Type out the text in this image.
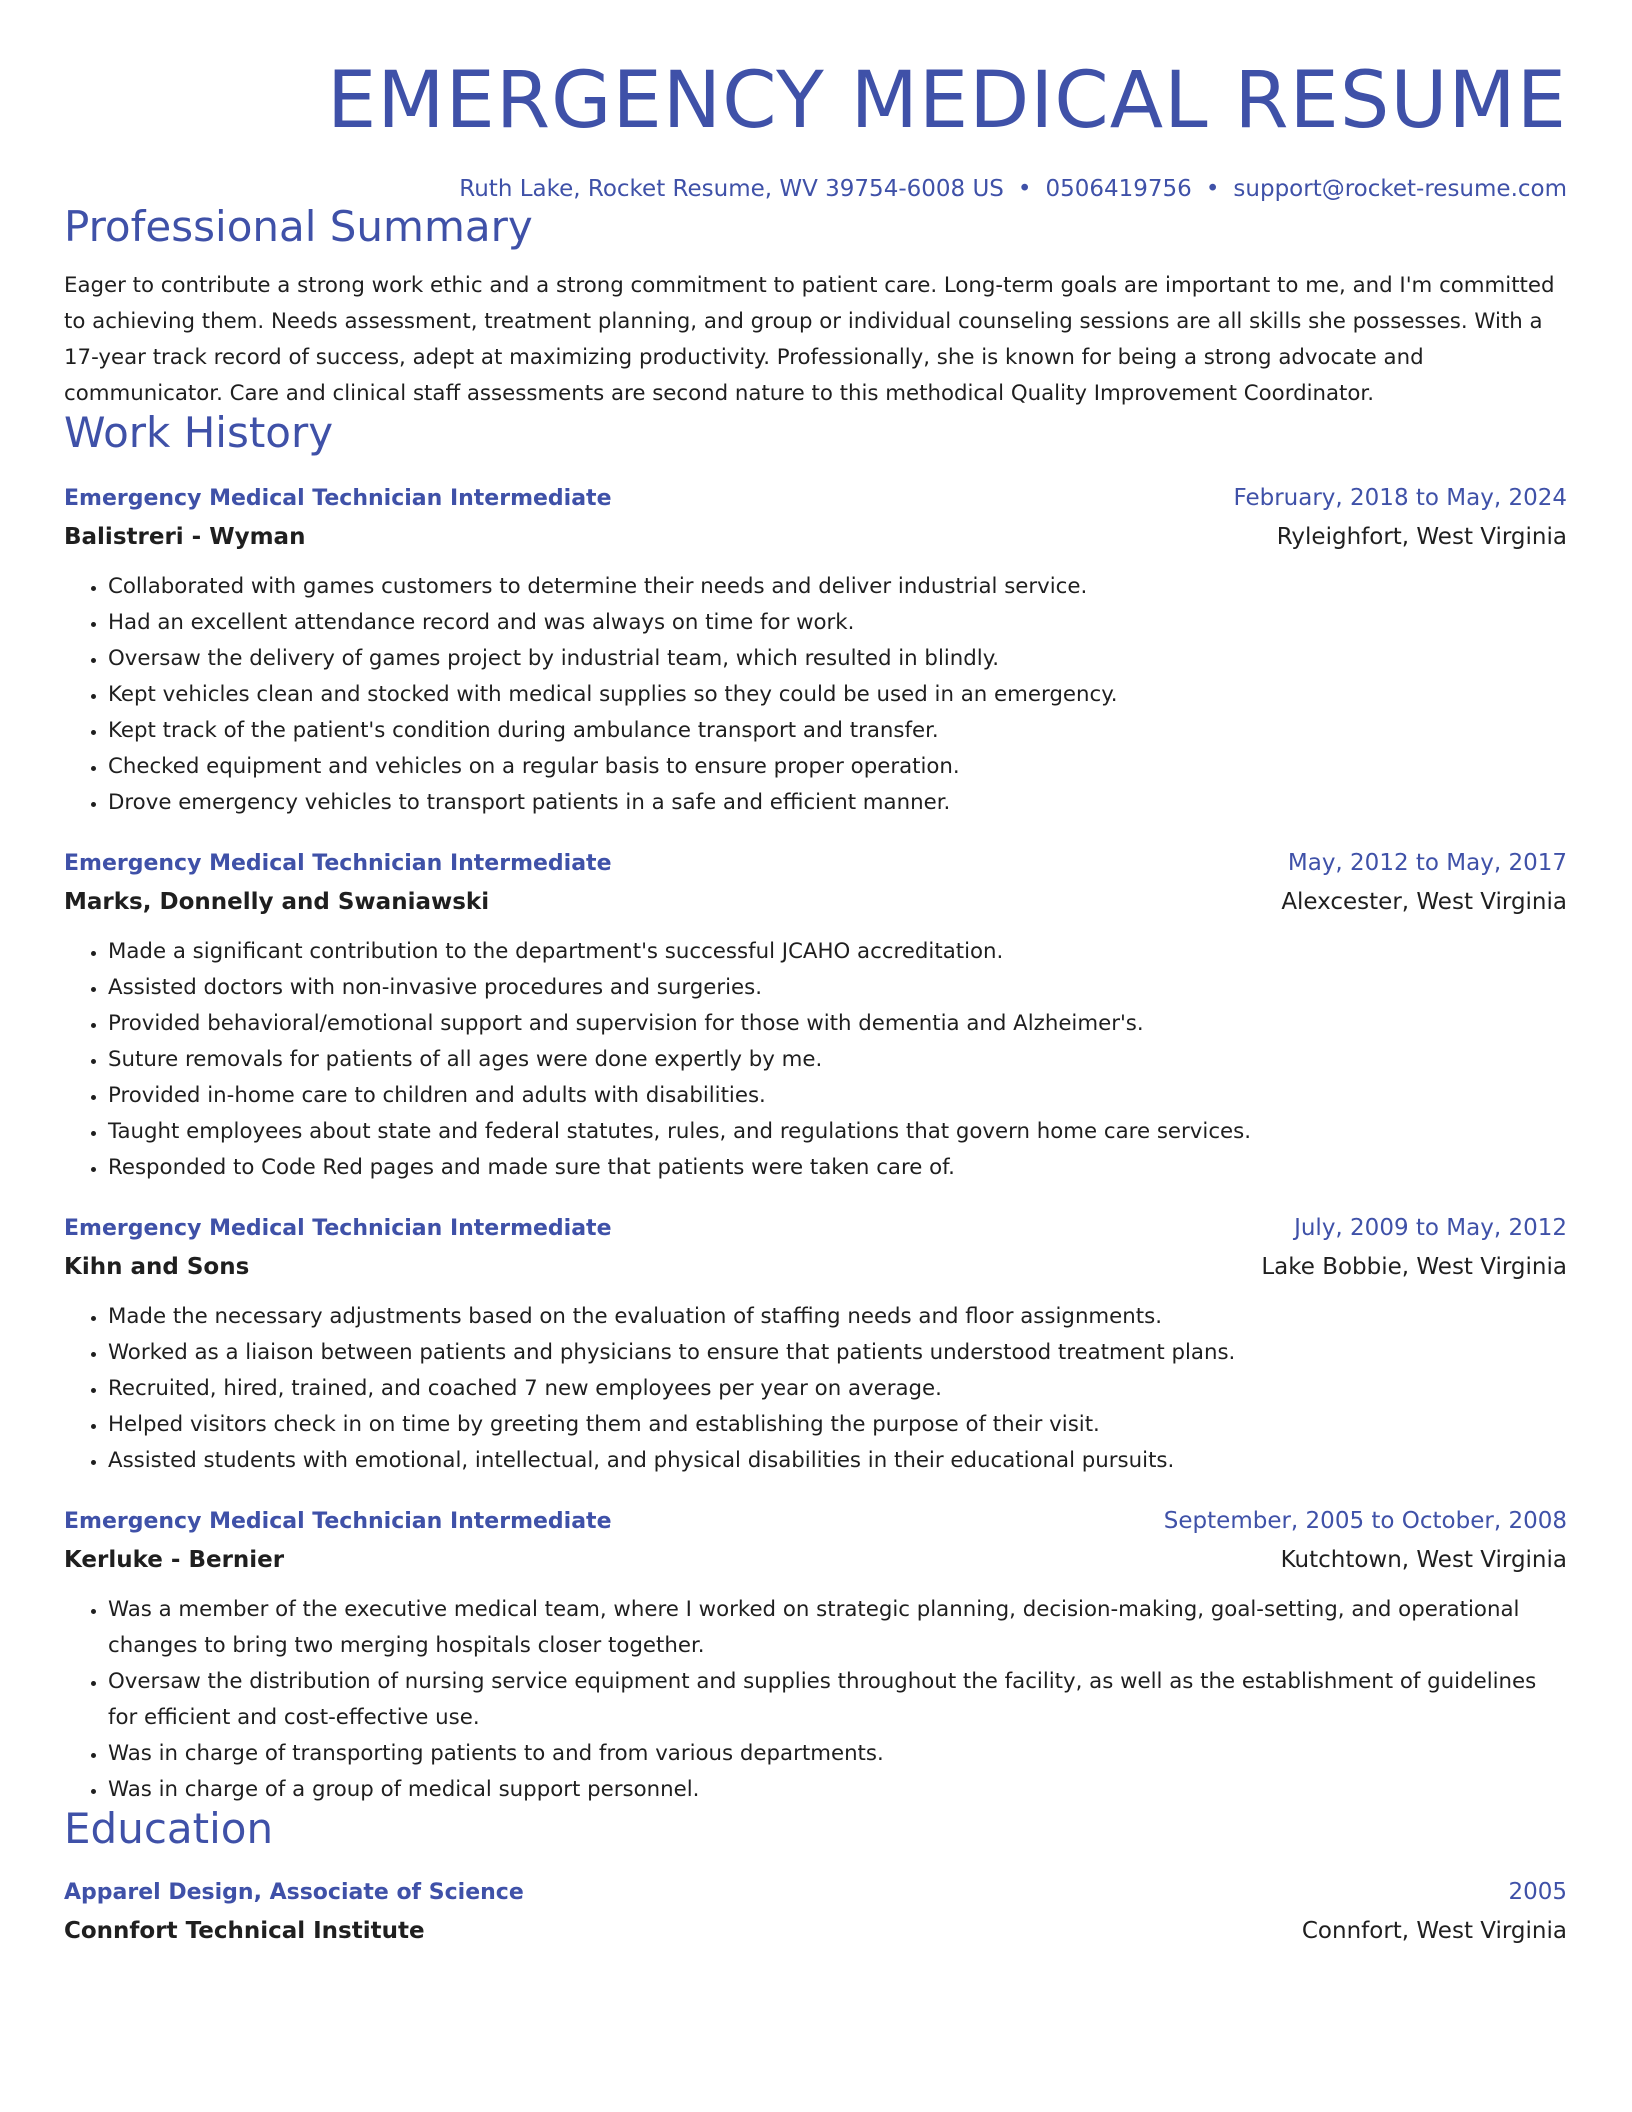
EMERGENCY MEDICAL RESUME
Ruth Lake, Rocket Resume, WV 39754-6008 US • 0506419756 • support@rocket-resume.com
Professional Summary
Eager to contribute a strong work ethic and a strong commitment to patient care. Long-term goals are important to me, and I'm committed to achieving them. Needs assessment, treatment planning, and group or individual counseling sessions are all skills she possesses. With a 17-year track record of success, adept at maximizing productivity. Professionally, she is known for being a strong advocate and communicator. Care and clinical staff assessments are second nature to this methodical Quality Improvement Coordinator.
Work History
Emergency Medical Technician Intermediate	February, 2018 to May, 2024
Balistreri - Wyman	Ryleighfort, West Virginia
• Collaborated with games customers to determine their needs and deliver industrial service.
• Had an excellent attendance record and was always on time for work.
• Oversaw the delivery of games project by industrial team, which resulted in blindly.
• Kept vehicles clean and stocked with medical supplies so they could be used in an emergency.
• Kept track of the patient's condition during ambulance transport and transfer.
• Checked equipment and vehicles on a regular basis to ensure proper operation.
• Drove emergency vehicles to transport patients in a safe and efficient manner.
Emergency Medical Technician Intermediate	May, 2012 to May, 2017
Marks, Donnelly and Swaniawski	Alexcester, West Virginia
• Made a significant contribution to the department's successful JCAHO accreditation.
• Assisted doctors with non-invasive procedures and surgeries.
• Provided behavioral/emotional support and supervision for those with dementia and Alzheimer's.
• Suture removals for patients of all ages were done expertly by me.
• Provided in-home care to children and adults with disabilities.
• Taught employees about state and federal statutes, rules, and regulations that govern home care services.
• Responded to Code Red pages and made sure that patients were taken care of.
Emergency Medical Technician Intermediate	July, 2009 to May, 2012
Kihn and Sons	Lake Bobbie, West Virginia
• Made the necessary adjustments based on the evaluation of staffing needs and floor assignments.
• Worked as a liaison between patients and physicians to ensure that patients understood treatment plans.
• Recruited, hired, trained, and coached 7 new employees per year on average.
• Helped visitors check in on time by greeting them and establishing the purpose of their visit.
• Assisted students with emotional, intellectual, and physical disabilities in their educational pursuits.
Emergency Medical Technician Intermediate	September, 2005 to October, 2008
Kerluke - Bernier	Kutchtown, West Virginia
• Was a member of the executive medical team, where I worked on strategic planning, decision-making, goal-setting, and operational changes to bring two merging hospitals closer together.
• Oversaw the distribution of nursing service equipment and supplies throughout the facility, as well as the establishment of guidelines for efficient and cost-effective use.
• Was in charge of transporting patients to and from various departments.
• Was in charge of a group of medical support personnel.
Education
Apparel Design, Associate of Science	2005
Connfort Technical Institute	Connfort, West Virginia
